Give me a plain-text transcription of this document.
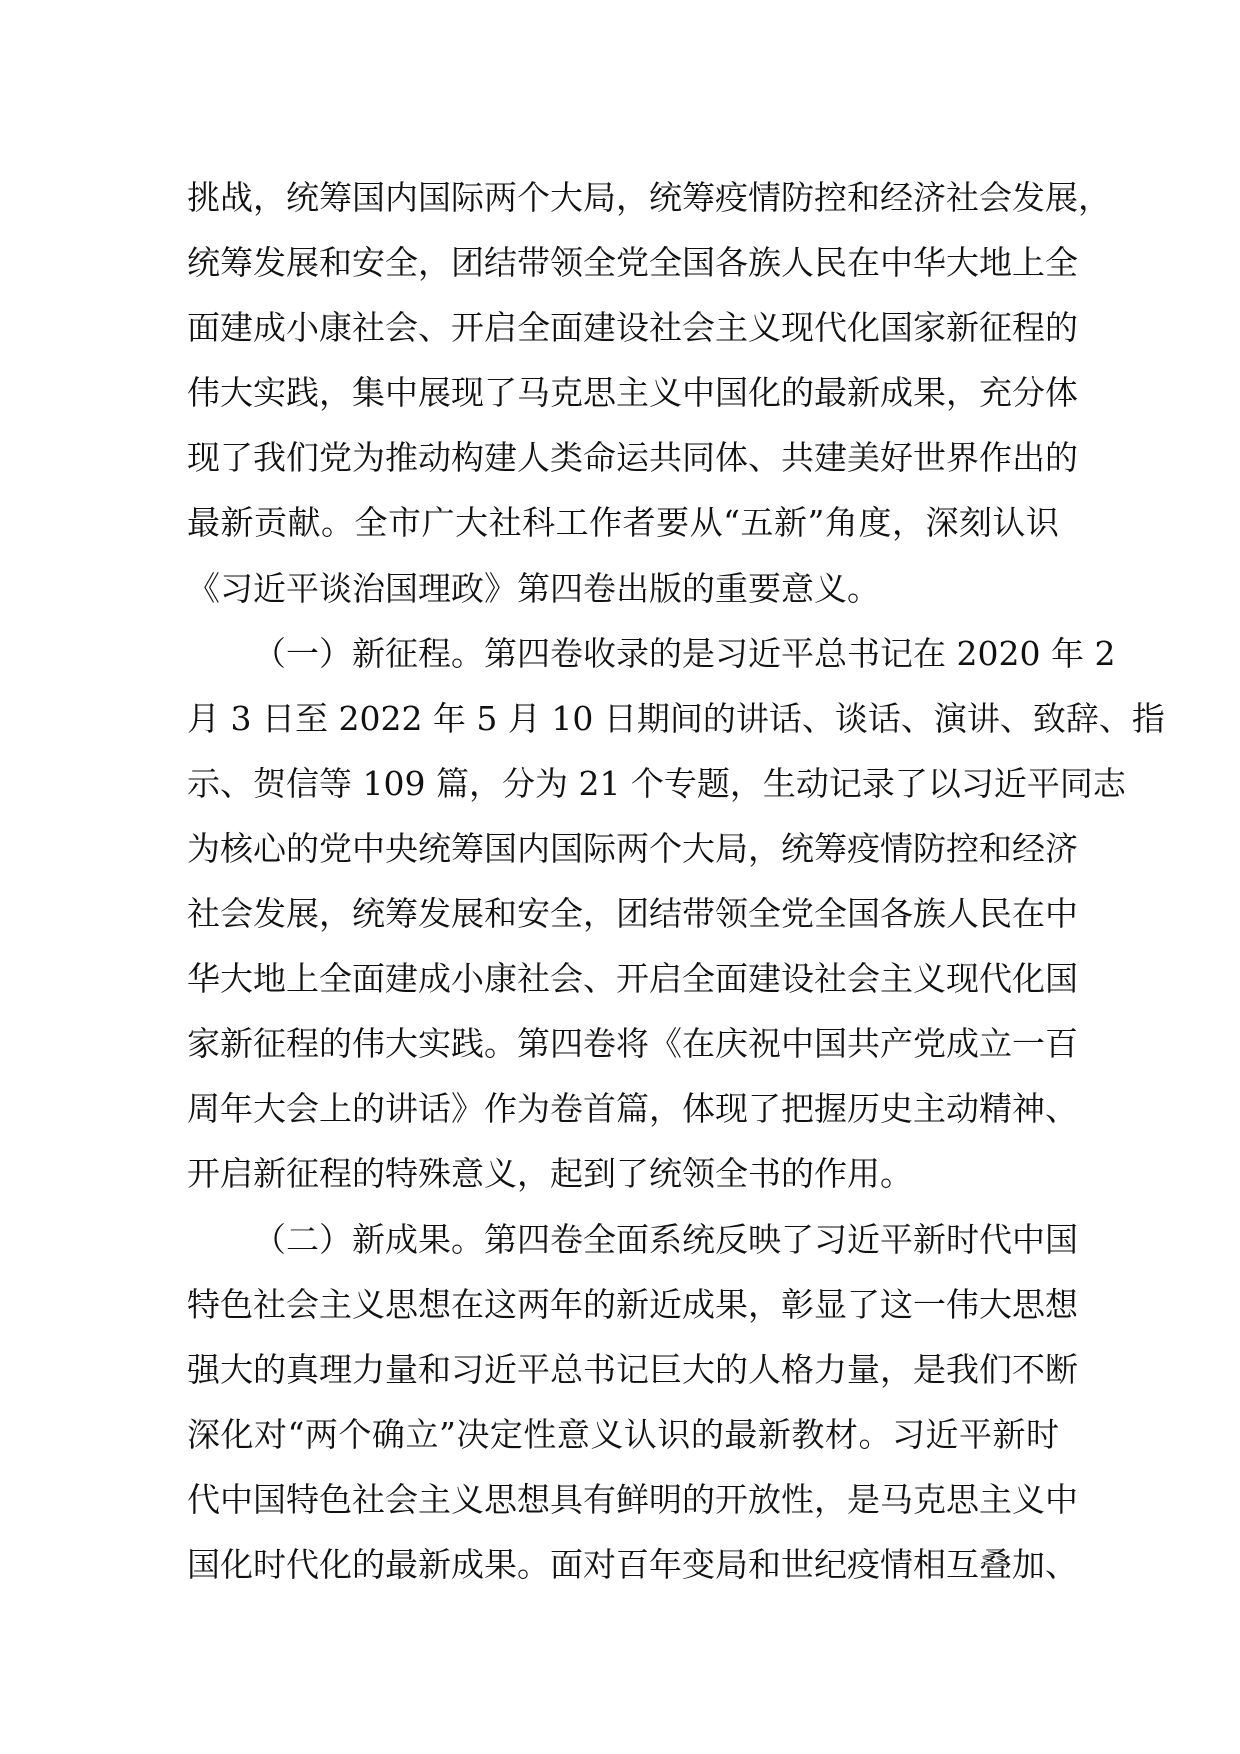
挑战，统筹国内国际两个大局，统筹疫情防控和经济社会发展，
统筹发展和安全，团结带领全党全国各族人民在中华大地上全
面建成小康社会、开启全面建设社会主义现代化国家新征程的
伟大实践，集中展现了马克思主义中国化的最新成果，充分体
现了我们党为推动构建人类命运共同体、共建美好世界作出的
最新贡献。全市广大社科工作者要从“五新”角度，深刻认识
《习近平谈治国理政》第四卷出版的重要意义。
（一）新征程。第四卷收录的是习近平总书记在 2020 年 2
月 3 日至 2022 年 5 月 10 日期间的讲话、谈话、演讲、致辞、指
示、贺信等 109 篇，分为 21 个专题，生动记录了以习近平同志
为核心的党中央统筹国内国际两个大局，统筹疫情防控和经济
社会发展，统筹发展和安全，团结带领全党全国各族人民在中
华大地上全面建成小康社会、开启全面建设社会主义现代化国
家新征程的伟大实践。第四卷将《在庆祝中国共产党成立一百
周年大会上的讲话》作为卷首篇，体现了把握历史主动精神、
开启新征程的特殊意义，起到了统领全书的作用。
（二）新成果。第四卷全面系统反映了习近平新时代中国
特色社会主义思想在这两年的新近成果，彰显了这一伟大思想
强大的真理力量和习近平总书记巨大的人格力量，是我们不断
深化对“两个确立”决定性意义认识的最新教材。习近平新时
代中国特色社会主义思想具有鲜明的开放性，是马克思主义中
国化时代化的最新成果。面对百年变局和世纪疫情相互叠加、
